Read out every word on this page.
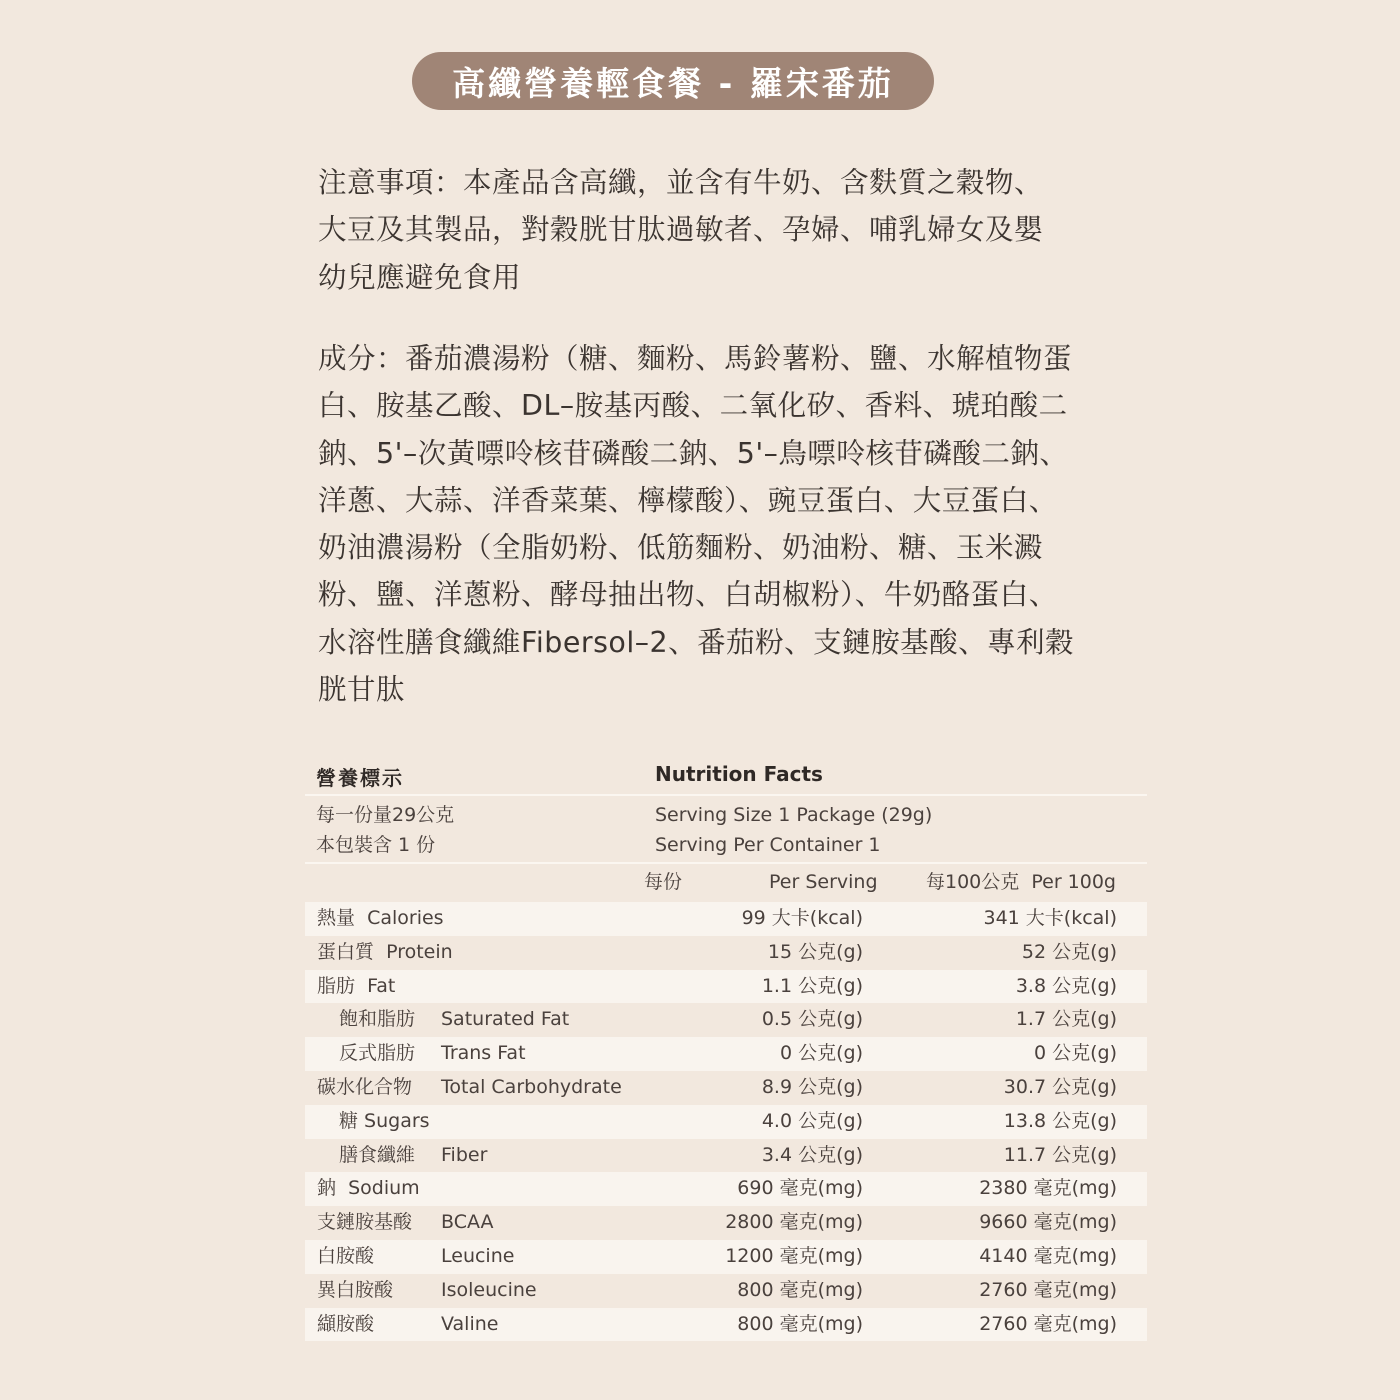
高纖營養輕食餐 - 羅宋番茄
注意事項：本產品含高纖，並含有牛奶、含麩質之穀物、
大豆及其製品，對穀胱甘肽過敏者、孕婦、哺乳婦女及嬰
幼兒應避免食用
成分：番茄濃湯粉（糖、麵粉、馬鈴薯粉、鹽、水解植物蛋
白、胺基乙酸、DL–胺基丙酸、二氧化矽、香料、琥珀酸二
鈉、5'–次黃嘌呤核苷磷酸二鈉、5'–鳥嘌呤核苷磷酸二鈉、
洋蔥、大蒜、洋香菜葉、檸檬酸）、豌豆蛋白、大豆蛋白、
奶油濃湯粉（全脂奶粉、低筋麵粉、奶油粉、糖、玉米澱
粉、鹽、洋蔥粉、酵母抽出物、白胡椒粉）、牛奶酪蛋白、
水溶性膳食纖維Fibersol–2、番茄粉、支鏈胺基酸、專利穀
胱甘肽
營養標示	Nutrition Facts
每一份量29公克
本包裝含 1 份
Serving Size 1 Package (29g)
Serving Per Container 1
每份	Per Serving	每100公克  Per 100g
熱量  Calories	99 大卡(kcal)	341 大卡(kcal)
蛋白質  Protein	15 公克(g)	52 公克(g)
脂肪  Fat	1.1 公克(g)	3.8 公克(g)
飽和脂肪 Saturated Fat	0.5 公克(g)	1.7 公克(g)
反式脂肪 Trans Fat	0 公克(g)	0 公克(g)
碳水化合物 Total Carbohydrate	8.9 公克(g)	30.7 公克(g)
糖 Sugars	4.0 公克(g)	13.8 公克(g)
膳食纖維 Fiber	3.4 公克(g)	11.7 公克(g)
鈉  Sodium	690 毫克(mg)	2380 毫克(mg)
支鏈胺基酸 BCAA	2800 毫克(mg)	9660 毫克(mg)
白胺酸	Leucine	1200 毫克(mg)	4140 毫克(mg)
異白胺酸	Isoleucine	800 毫克(mg)	2760 毫克(mg)
纈胺酸	Valine	800 毫克(mg)	2760 毫克(mg)
